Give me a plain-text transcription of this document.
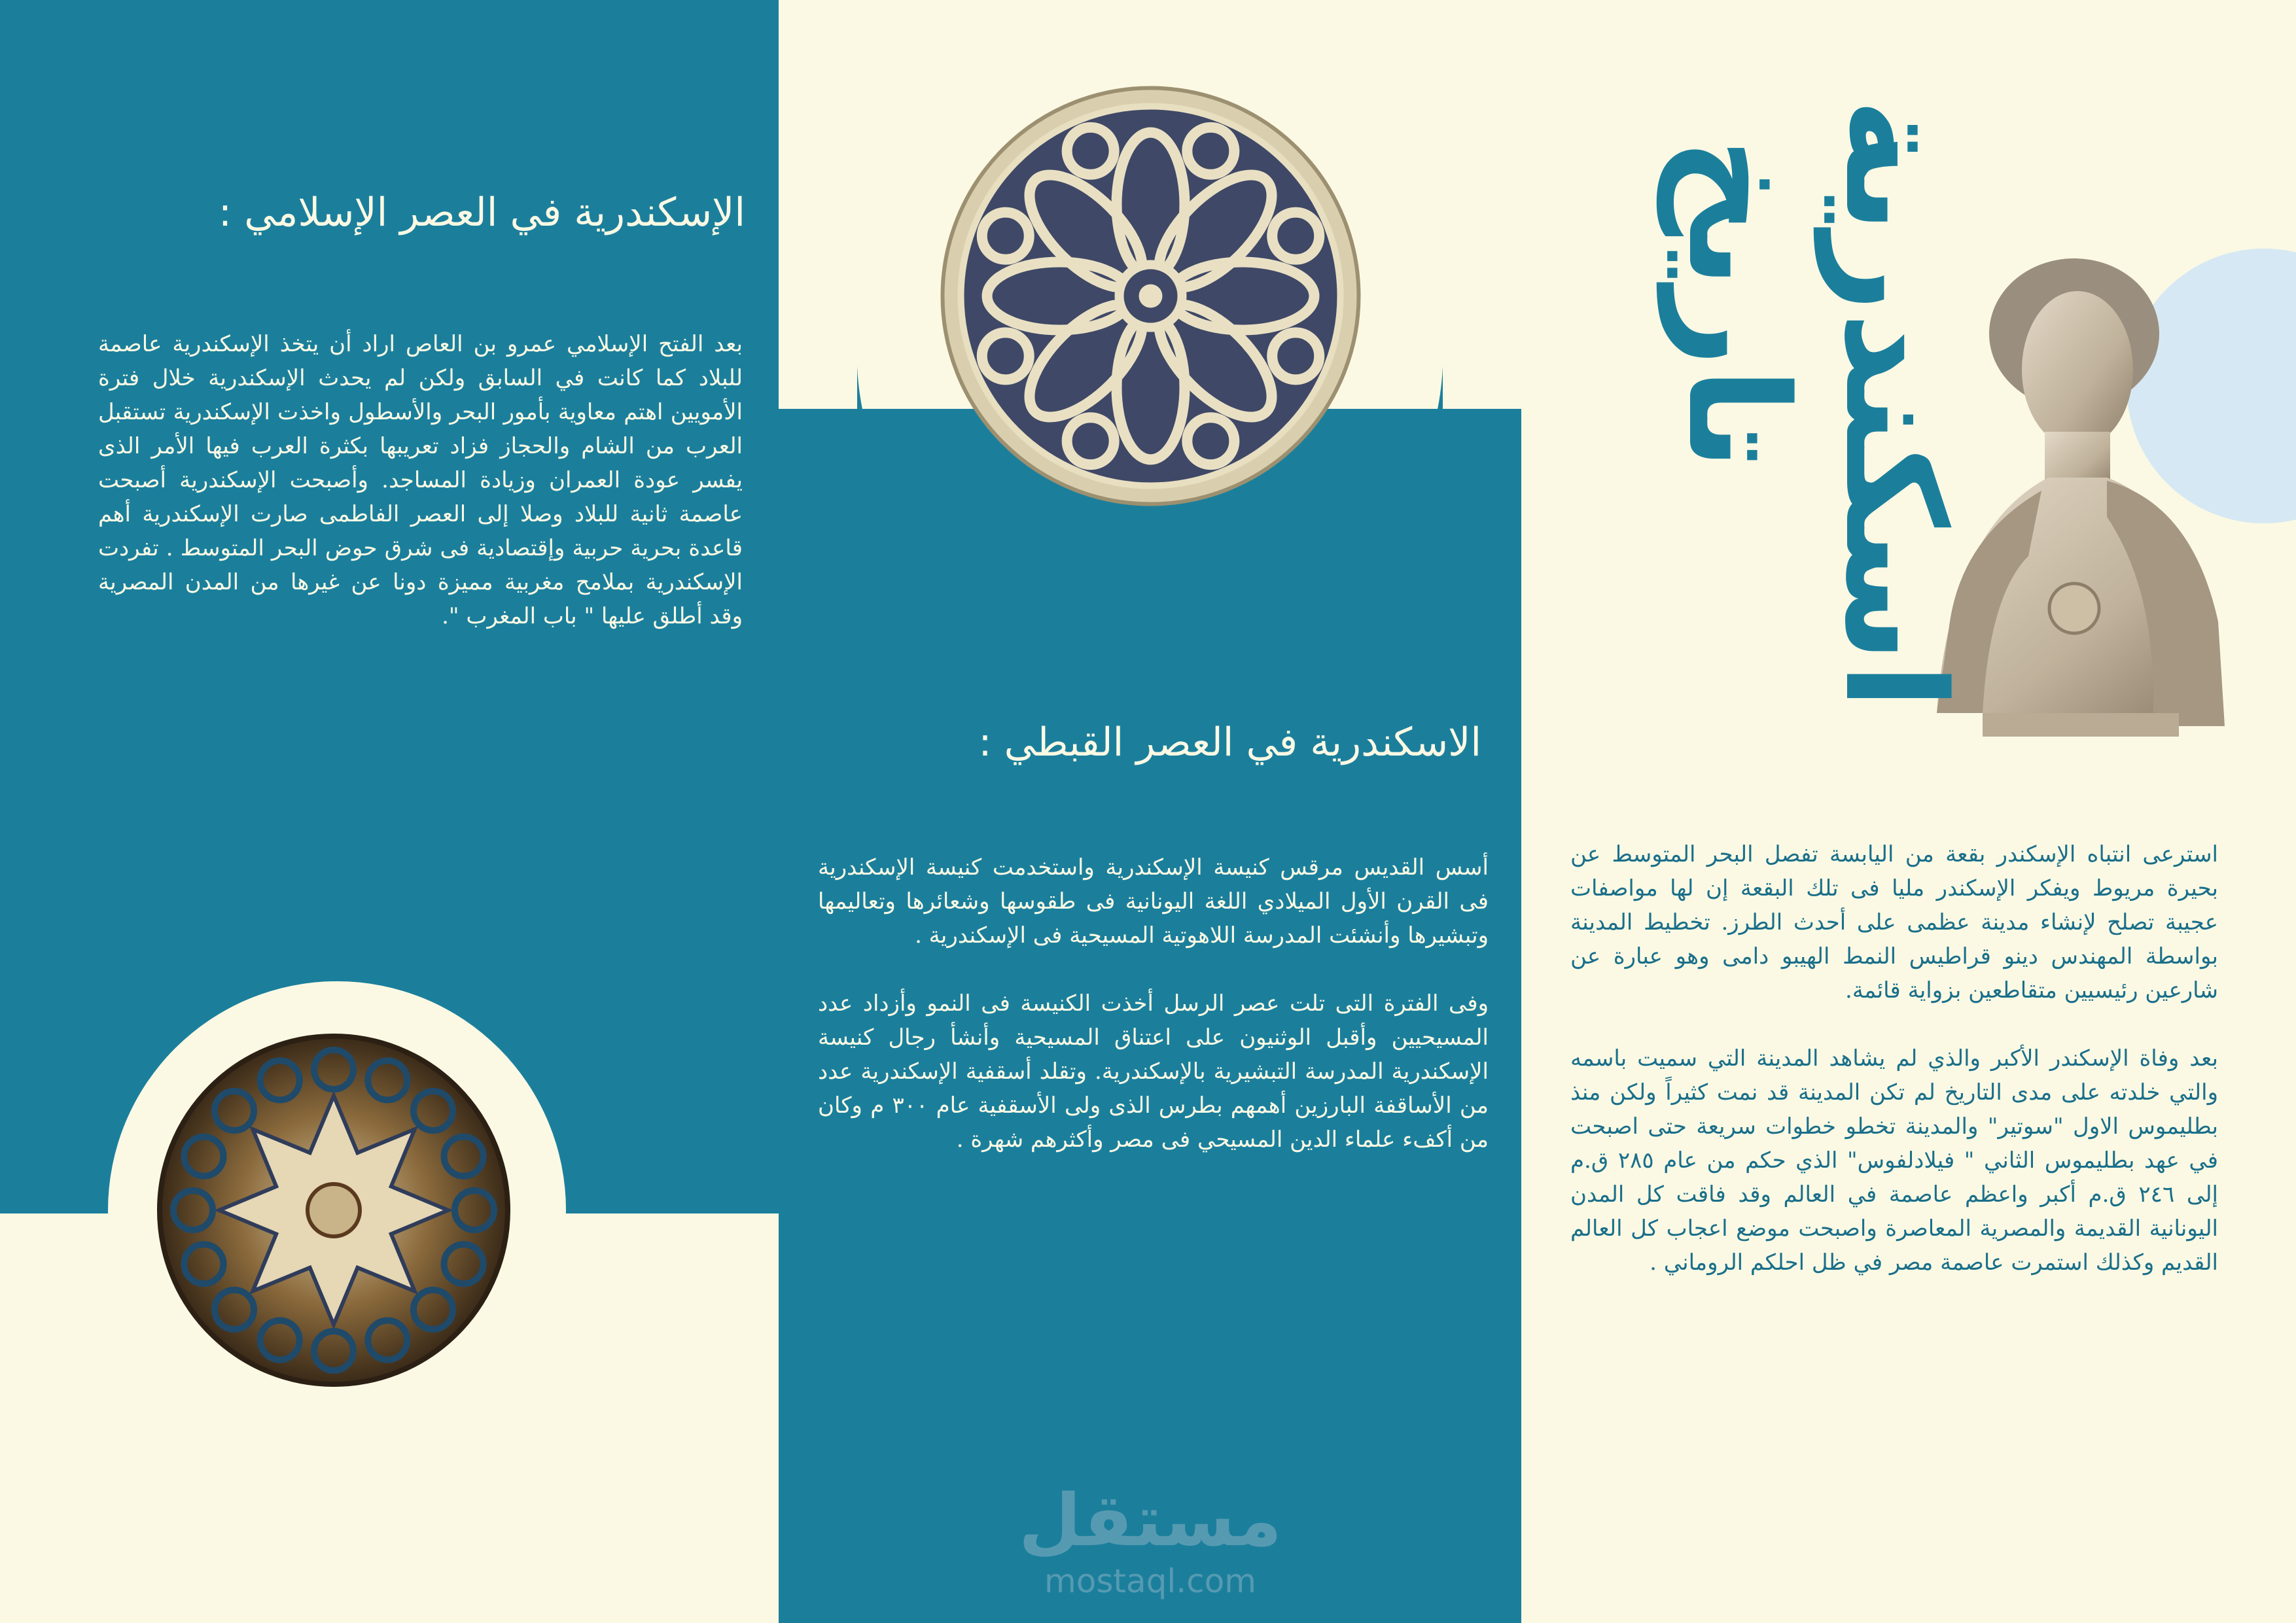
اسكندرية
تاريخ
الإسكندرية في العصر الإسلامي :

بعد الفتح الإسلامي عمرو بن العاص اراد أن يتخذ الإسكندرية عاصمة للبلاد كما كانت في السابق ولكن لم يحدث الإسكندرية خلال فترة الأمويين اهتم معاوية بأمور البحر والأسطول واخذت الإسكندرية تستقبل العرب من الشام والحجاز فزاد تعريبها بكثرة العرب فيها الأمر الذى يفسر عودة العمران وزيادة المساجد. وأصبحت الإسكندرية أصبحت عاصمة ثانية للبلاد وصلا إلى العصر الفاطمى صارت الإسكندرية أهم قاعدة بحرية حربية وإقتصادية فى شرق حوض البحر المتوسط . تفردت الإسكندرية بملامح مغربية مميزة دونا عن غيرها من المدن المصرية وقد أطلق عليها " باب المغرب ".

الاسكندرية في العصر القبطي :

أسس القديس مرقس كنيسة الإسكندرية واستخدمت كنيسة الإسكندرية فى القرن الأول الميلادي اللغة اليونانية فى طقوسها وشعائرها وتعاليمها وتبشيرها وأنشئت المدرسة اللاهوتية المسيحية فى الإسكندرية .

وفى الفترة التى تلت عصر الرسل أخذت الكنيسة فى النمو وأزداد عدد المسيحيين وأقبل الوثنيون على اعتناق المسيحية وأنشأ رجال كنيسة الإسكندرية المدرسة التبشيرية بالإسكندرية. وتقلد أسقفية الإسكندرية عدد من الأساقفة البارزين أهمهم بطرس الذى ولى الأسقفية عام ٣٠٠ م وكان من أكفء علماء الدين المسيحي فى مصر وأكثرهم شهرة .

استرعى انتباه الإسكندر بقعة من اليابسة تفصل البحر المتوسط عن بحيرة مريوط ويفكر الإسكندر مليا فى تلك البقعة إن لها مواصفات عجيبة تصلح لإنشاء مدينة عظمى على أحدث الطرز. تخطيط المدينة بواسطة المهندس دينو قراطيس النمط الهيبو دامى وهو عبارة عن شارعين رئيسيين متقاطعين بزواية قائمة.

بعد وفاة الإسكندر الأكبر والذي لم يشاهد المدينة التي سميت باسمه والتي خلدته على مدى التاريخ لم تكن المدينة قد نمت كثيراً ولكن منذ بطليموس الاول "سوتير" والمدينة تخطو خطوات سريعة حتى اصبحت في عهد بطليموس الثاني " فيلادلفوس" الذي حكم من عام ٢٨٥ ق.م إلى ٢٤٦ ق.م أكبر واعظم عاصمة في العالم وقد فاقت كل المدن اليونانية القديمة والمصرية المعاصرة واصبحت موضع اعجاب كل العالم القديم وكذلك استمرت عاصمة مصر في ظل احلكم الروماني .

مستقل
mostaql.com
